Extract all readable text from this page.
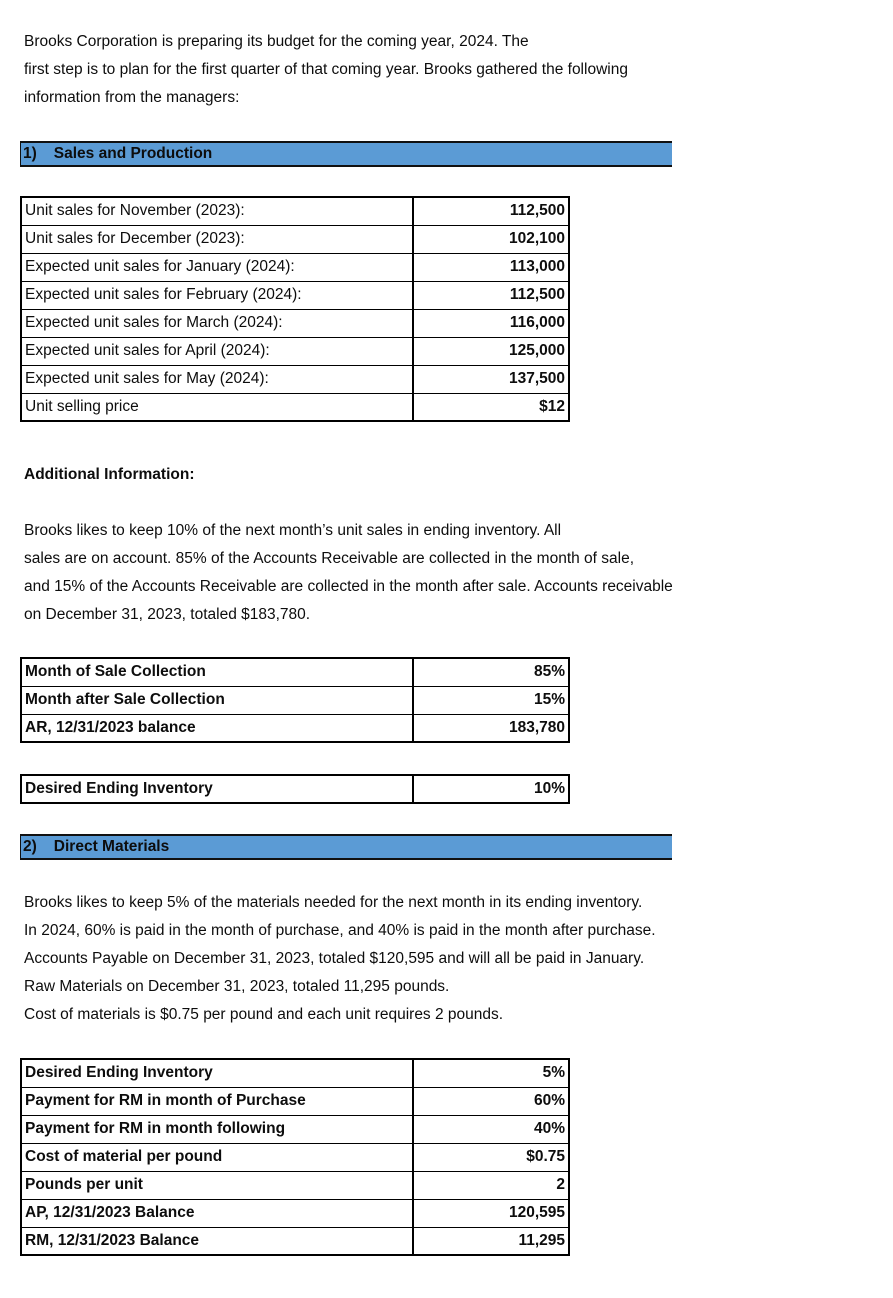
Brooks Corporation is preparing its budget for the coming year, 2024. The
first step is to plan for the first quarter of that coming year. Brooks gathered the following
information from the managers:
1)	Sales and Production
Unit sales for November (2023):	112,500
Unit sales for December (2023):	102,100
Expected unit sales for January (2024):	113,000
Expected unit sales for February (2024):	112,500
Expected unit sales for March (2024):	116,000
Expected unit sales for April (2024):	125,000
Expected unit sales for May (2024):	137,500
Unit selling price	$12
Additional Information:
Brooks likes to keep 10% of the next month’s unit sales in ending inventory. All
sales are on account. 85% of the Accounts Receivable are collected in the month of sale,
and 15% of the Accounts Receivable are collected in the month after sale. Accounts receivable
on December 31, 2023, totaled $183,780.
Month of Sale Collection	85%
Month after Sale Collection	15%
AR, 12/31/2023 balance	183,780
Desired Ending Inventory	10%
2)	Direct Materials
Brooks likes to keep 5% of the materials needed for the next month in its ending inventory.
In 2024, 60% is paid in the month of purchase, and 40% is paid in the month after purchase.
Accounts Payable on December 31, 2023, totaled $120,595 and will all be paid in January.
Raw Materials on December 31, 2023, totaled 11,295 pounds.
Cost of materials is $0.75 per pound and each unit requires 2 pounds.
Desired Ending Inventory	5%
Payment for RM in month of Purchase	60%
Payment for RM in month following	40%
Cost of material per pound	$0.75
Pounds per unit	2
AP, 12/31/2023 Balance	120,595
RM, 12/31/2023 Balance	11,295
